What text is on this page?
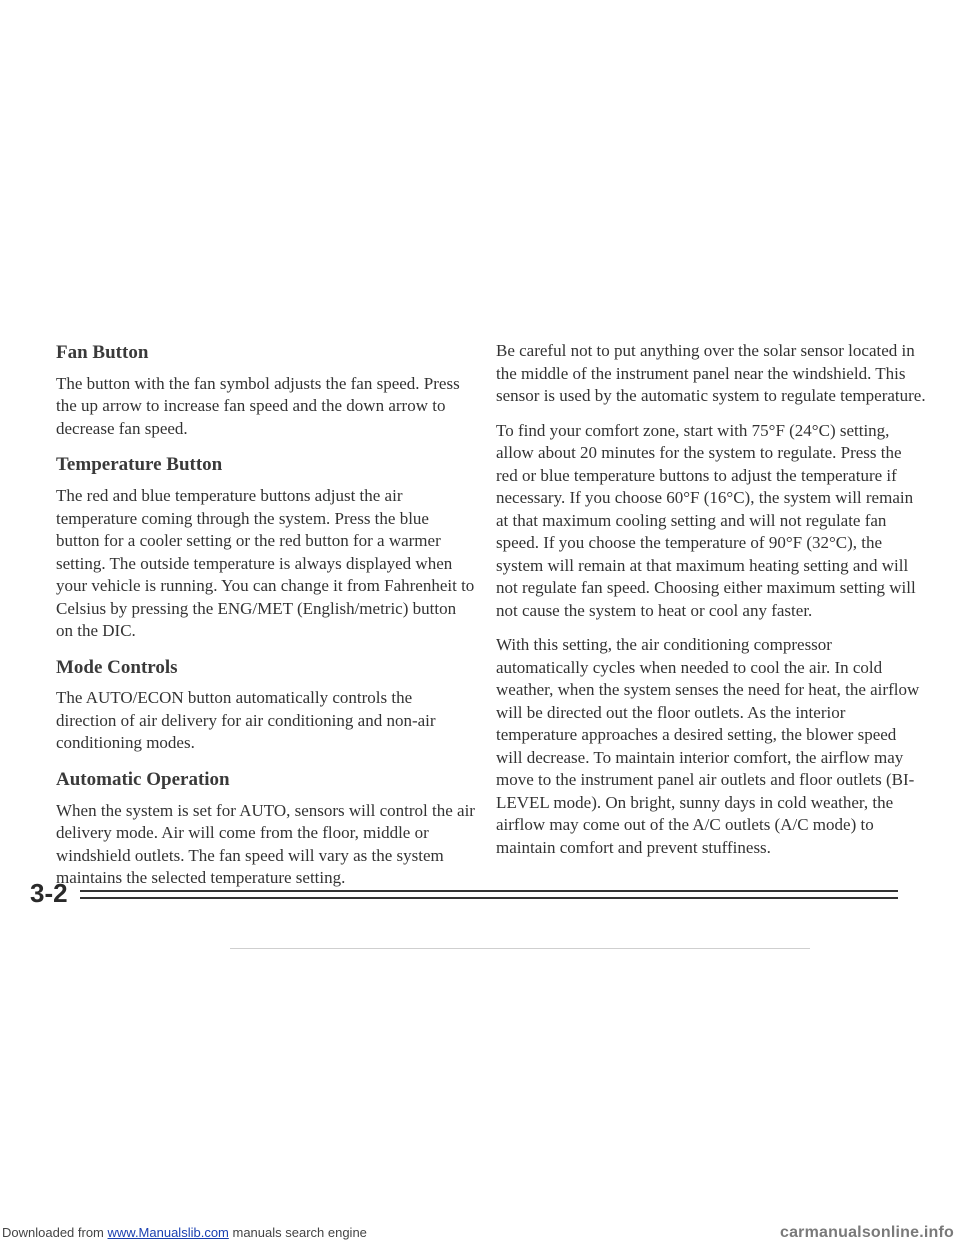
Fan Button

The button with the fan symbol adjusts the fan speed. Press the up arrow to increase fan speed and the down arrow to decrease fan speed.

Temperature Button

The red and blue temperature buttons adjust the air temperature coming through the system. Press the blue button for a cooler setting or the red button for a warmer setting. The outside temperature is always displayed when your vehicle is running. You can change it from Fahrenheit to Celsius by pressing the ENG/MET (English/metric) button on the DIC.

Mode Controls

The AUTO/ECON button automatically controls the direction of air delivery for air conditioning and non-air conditioning modes.

Automatic Operation

When the system is set for AUTO, sensors will control the air delivery mode. Air will come from the floor, middle or windshield outlets. The fan speed will vary as the system maintains the selected temperature setting.

Be careful not to put anything over the solar sensor located in the middle of the instrument panel near the windshield. This sensor is used by the automatic system to regulate temperature.

To find your comfort zone, start with 75°F (24°C) setting, allow about 20 minutes for the system to regulate. Press the red or blue temperature buttons to adjust the temperature if necessary. If you choose 60°F (16°C), the system will remain at that maximum cooling setting and will not regulate fan speed. If you choose the temperature of 90°F (32°C), the system will remain at that maximum heating setting and will not regulate fan speed. Choosing either maximum setting will not cause the system to heat or cool any faster.

With this setting, the air conditioning compressor automatically cycles when needed to cool the air. In cold weather, when the system senses the need for heat, the airflow will be directed out the floor outlets. As the interior temperature approaches a desired setting, the blower speed will decrease. To maintain interior comfort, the airflow may move to the instrument panel air outlets and floor outlets (BI-LEVEL mode). On bright, sunny days in cold weather, the airflow may come out of the A/C outlets (A/C mode) to maintain comfort and prevent stuffiness.

3-2
Downloaded from www.Manualslib.com manuals search engine	carmanualsonline.info
